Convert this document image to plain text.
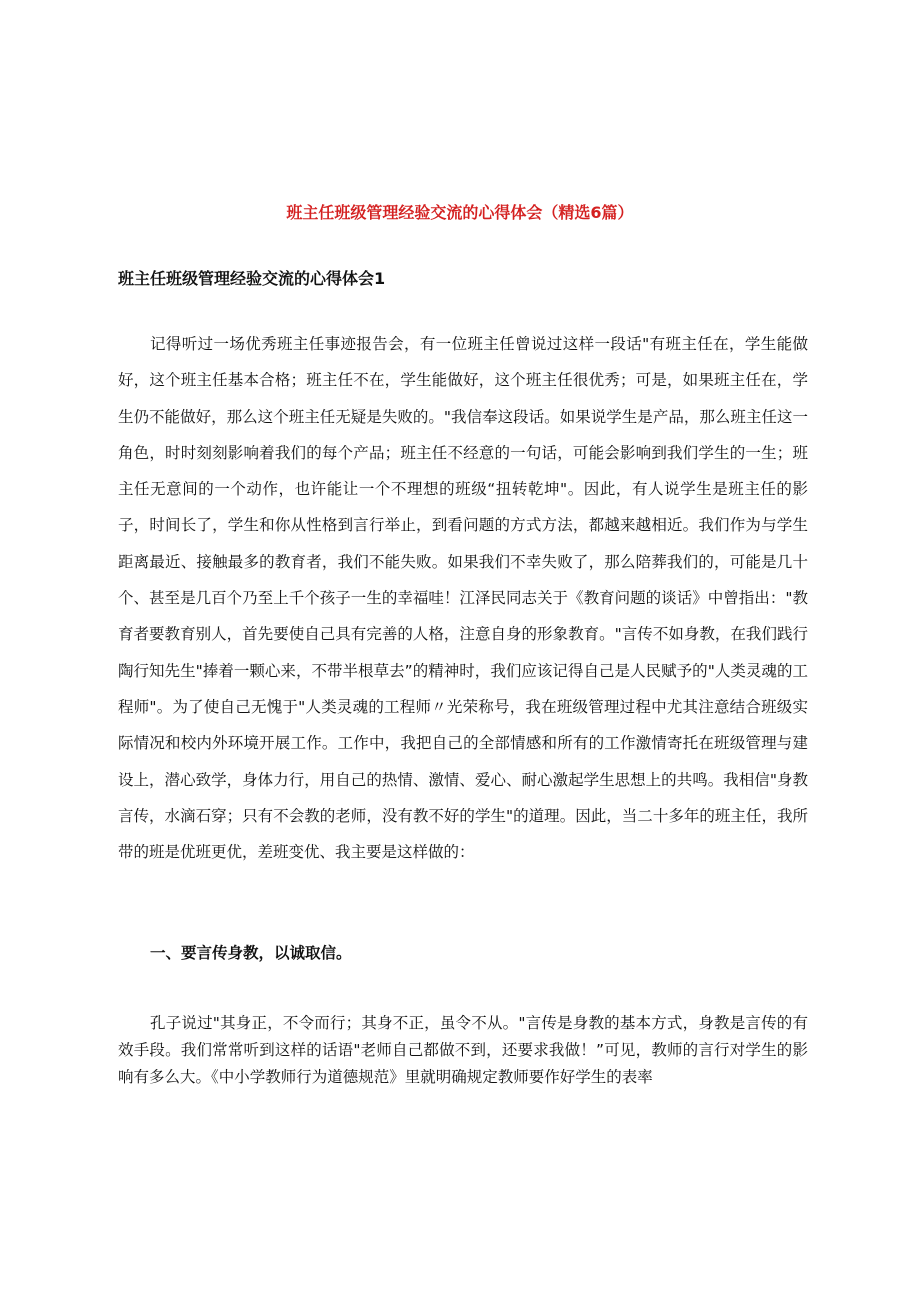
班主任班级管理经验交流的心得体会（精选6篇）
班主任班级管理经验交流的心得体会1

记得听过一场优秀班主任事迹报告会，有一位班主任曾说过这样一段话"有班主任在，学生能做好，这个班主任基本合格；班主任不在，学生能做好，这个班主任很优秀；可是，如果班主任在，学生仍不能做好，那么这个班主任无疑是失败的。"我信奉这段话。如果说学生是产品，那么班主任这一角色，时时刻刻影响着我们的每个产品；班主任不经意的一句话，可能会影响到我们学生的一生；班主任无意间的一个动作，也许能让一个不理想的班级“扭转乾坤"。因此，有人说学生是班主任的影子，时间长了，学生和你从性格到言行举止，到看问题的方式方法，都越来越相近。我们作为与学生距离最近、接触最多的教育者，我们不能失败。如果我们不幸失败了，那么陪葬我们的，可能是几十个、甚至是几百个乃至上千个孩子一生的幸福哇！江泽民同志关于《教育问题的谈话》中曾指出："教育者要教育别人，首先要使自己具有完善的人格，注意自身的形象教育。"言传不如身教，在我们践行陶行知先生"捧着一颗心来，不带半根草去”的精神时，我们应该记得自己是人民赋予的"人类灵魂的工程师"。为了使自己无愧于"人类灵魂的工程师〃光荣称号，我在班级管理过程中尤其注意结合班级实际情况和校内外环境开展工作。工作中，我把自己的全部情感和所有的工作激情寄托在班级管理与建设上，潜心致学，身体力行，用自己的热情、激情、爱心、耐心激起学生思想上的共鸣。我相信"身教言传，水滴石穿；只有不会教的老师，没有教不好的学生"的道理。因此，当二十多年的班主任，我所带的班是优班更优，差班变优、我主要是这样做的：

一、要言传身教，以诚取信。

孔子说过"其身正，不令而行；其身不正，虽令不从。"言传是身教的基本方式，身教是言传的有效手段。我们常常听到这样的话语"老师自己都做不到，还要求我做！”可见，教师的言行对学生的影响有多么大。《中小学教师行为道德规范》里就明确规定教师要作好学生的表率
